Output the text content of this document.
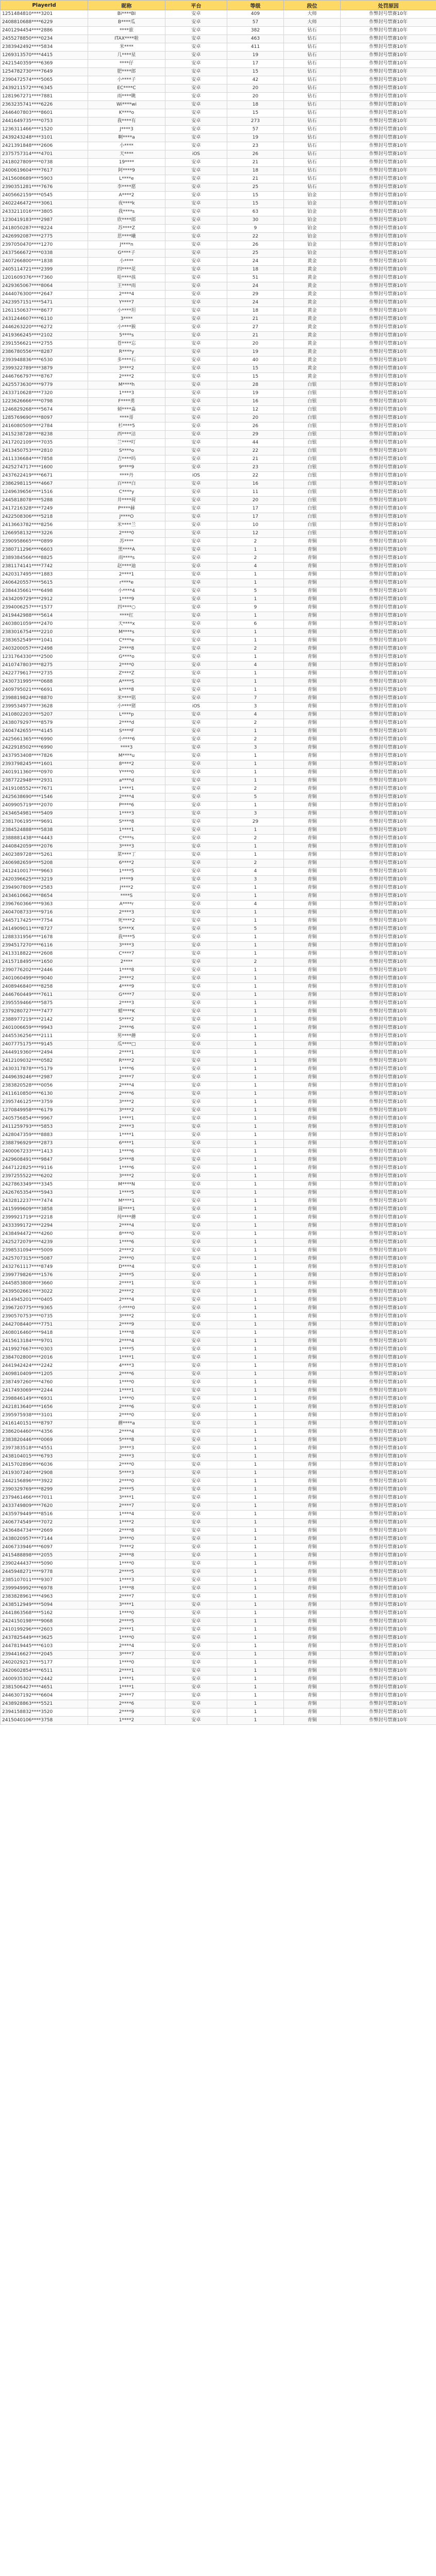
PlayerId	昵称	平台	等级	段位	处罚原因
1251484810****3201	Bi****BI	安卓	409	大师	作弊封号禁赛10年
2408810688****6229	B****瓜	安卓	57	大师	作弊封号禁赛10年
2401294454****2886	****旅	安卓	382	钻石	作弊封号禁赛10年
2455278850****0234	ITAX****啦	安卓	463	钻石	作弊封号禁赛10年
2383942492****5834	米****	安卓	411	钻石	作弊封号禁赛10年
1269313570****4415	几****星	安卓	19	钻石	作弊封号禁赛10年
2421540359****6369	****仔	安卓	17	钻石	作弊封号禁赛10年
1254782730****7649	肥****郎	安卓	15	钻石	作弊封号禁赛10年
2390472574****5065	小****子	安卓	42	钻石	作弊封号禁赛10年
2439211572****6345	EC****C	安卓	20	钻石	作弊封号禁赛10年
1281967271****7881	雨****眺	安卓	20	钻石	作弊封号禁赛10年
2363235741****6226	Wi****wi	安卓	18	钻石	作弊封号禁赛10年
2446407803****8601	K****o	安卓	15	钻石	作弊封号禁赛10年
2441649735****0753	我****有	安卓	273	钻石	作弊封号禁赛10年
1236311466****1520	J****3	安卓	57	钻石	作弊封号禁赛10年
2439243248****3101	啊****a	安卓	19	钻石	作弊封号禁赛10年
2421391848****2606	小****	安卓	23	钻石	作弊封号禁赛10年
2375757314****4701	天****	iOS	26	钻石	作弊封号禁赛10年
2418027809****0738	19****	安卓	21	钻石	作弊封号禁赛10年
2400619604****7617	阿****9	安卓	18	钻石	作弊封号禁赛10年
2415608689****5903	L****e	安卓	21	钻石	作弊封号禁赛10年
2390351281****7676	李****愿	安卓	25	钻石	作弊封号禁赛10年
2405662159****0545	A****2	安卓	15	铂金	作弊封号禁赛10年
2402246472****3061	夜****k	安卓	15	铂金	作弊封号禁赛10年
2433211016****3805	我****s	安卓	63	铂金	作弊封号禁赛10年
1230419183****2987	欣****郎	安卓	30	铂金	作弊封号禁赛10年
2418050287****8224	苏****Z	安卓	9	铂金	作弊封号禁赛10年
2426992087****2775	思****曦	安卓	22	铂金	作弊封号禁赛10年
2397050470****1270	J****n	安卓	26	铂金	作弊封号禁赛10年
2437566672****0338	G****子	安卓	25	铂金	作弊封号禁赛10年
2407266800****1838	小****	安卓	24	黄金	作弊封号禁赛10年
2405114721****2399	四****花	安卓	18	黄金	作弊封号禁赛10年
1201609376****7360	哈****孩	安卓	51	黄金	作弊封号禁赛10年
2429365067****8064	王****雨	安卓	24	黄金	作弊封号禁赛10年
2444076300****2647	2****4	安卓	29	黄金	作弊封号禁赛10年
2423957151****5471	Y****7	安卓	24	黄金	作弊封号禁赛10年
1261150637****8677	小****坦	安卓	18	黄金	作弊封号禁赛10年
2431244607****6110	3****	安卓	21	黄金	作弊封号禁赛10年
2446263220****6272	小****猴	安卓	27	黄金	作弊封号禁赛10年
2419366245****2102	5****s	安卓	21	黄金	作弊封号禁赛10年
2391556621****2755	苍****忘	安卓	20	黄金	作弊封号禁赛10年
2386780556****8287	R****y	安卓	19	黄金	作弊封号禁赛10年
2393948836****6530	多****石	安卓	40	黄金	作弊封号禁赛10年
2399322789****3879	3****2	安卓	15	黄金	作弊封号禁赛10年
2446766797****8767	2****2	安卓	15	黄金	作弊封号禁赛10年
2425573630****9779	M****h	安卓	28	白银	作弊封号禁赛10年
2433710628****7320	1****3	安卓	19	白银	作弊封号禁赛10年
1223626666****0798	F****勇	安卓	16	白银	作弊封号禁赛10年
1246829268****5674	倾****淼	安卓	12	白银	作弊封号禁赛10年
1285769690****8097	****哥	安卓	20	白银	作弊封号禁赛10年
2416080509****2784	杉****5	安卓	26	白银	作弊封号禁赛10年
2415238728****8238	西****洁	安卓	29	白银	作弊封号禁赛10年
2417202109****7035	兰****叮	安卓	44	白银	作弊封号禁赛10年
2413450753****2810	S****o	安卓	22	白银	作弊封号禁赛10年
2411336684****7858	吉****吗	安卓	21	白银	作弊封号禁赛10年
2425274717****1600	9****9	安卓	23	白银	作弊封号禁赛10年
2437622419****6671	****丹	iOS	22	白银	作弊封号禁赛10年
2386298115****4667	百****白	安卓	16	白银	作弊封号禁赛10年
1249639656****1516	C****y	安卓	11	白银	作弊封号禁赛10年
2445818078****5288	井****荷	安卓	20	白银	作弊封号禁赛10年
2417216328****7249	P****赫	安卓	17	白银	作弊封号禁赛10年
2422508306****5218	J****O	安卓	17	白银	作弊封号禁赛10年
2413663782****8256	米****兰	安卓	10	白银	作弊封号禁赛10年
1266958132****3226	2****0	安卓	12	白银	作弊封号禁赛10年
2390958665****0899	苏****	安卓	2	青铜	作弊封号禁赛10年
2380711296****6603	黑****A	安卓	1	青铜	作弊封号禁赛10年
2389384566****8825	雨****s	安卓	2	青铜	作弊封号禁赛10年
2381174141****7742	赵****迪	安卓	4	青铜	作弊封号禁赛10年
2420317495****1883	2****1	安卓	1	青铜	作弊封号禁赛10年
2406420557****5615	r****e	安卓	1	青铜	作弊封号禁赛10年
2384435661****6498	小****4	安卓	5	青铜	作弊封号禁赛10年
2434209729****2912	1****9	安卓	1	青铜	作弊封号禁赛10年
2394006257****1577	四****○	安卓	9	青铜	作弊封号禁赛10年
2419442988****5614	****红	安卓	1	青铜	作弊封号禁赛10年
2403801059****2470	天****x	安卓	6	青铜	作弊封号禁赛10年
2383016754****2210	M****s	安卓	1	青铜	作弊封号禁赛10年
2383652549****1041	C****e	安卓	1	青铜	作弊封号禁赛10年
2403200057****2498	2****8	安卓	2	青铜	作弊封号禁赛10年
1231764330****2500	G****o	安卓	1	青铜	作弊封号禁赛10年
2410747803****8275	2****0	安卓	4	青铜	作弊封号禁赛10年
2422779617****2735	Z****Z	安卓	1	青铜	作弊封号禁赛10年
2430731995****0688	A****S	安卓	1	青铜	作弊封号禁赛10年
2409795021****6691	k****8	安卓	1	青铜	作弊封号禁赛10年
2398819824****8870	米****铭	安卓	7	青铜	作弊封号禁赛10年
2399534977****3628	小****猪	iOS	3	青铜	作弊封号禁赛10年
2410802203****5207	L****p	安卓	4	青铜	作弊封号禁赛10年
2438079297****8579	2****d	安卓	2	青铜	作弊封号禁赛10年
2404742655****4145	S****F	安卓	1	青铜	作弊封号禁赛10年
2425661365****6990	小****6	安卓	2	青铜	作弊封号禁赛10年
2422918502****6990	****3	安卓	3	青铜	作弊封号禁赛10年
2437953408****7826	M****u	安卓	1	青铜	作弊封号禁赛10年
2393798245****1601	8****2	安卓	1	青铜	作弊封号禁赛10年
2401911360****0970	Y****0	安卓	1	青铜	作弊封号禁赛10年
2387722948****2931	a****d	安卓	1	青铜	作弊封号禁赛10年
2419108552****7671	1****1	安卓	2	青铜	作弊封号禁赛10年
2425638690****1546	2****4	安卓	5	青铜	作弊封号禁赛10年
2409905719****2070	P****6	安卓	1	青铜	作弊封号禁赛10年
2434654981****5409	1****3	安卓	3	青铜	作弊封号禁赛10年
2381706195****9691	S****8	安卓	29	青铜	作弊封号禁赛10年
2384524888****5838	1****1	安卓	1	青铜	作弊封号禁赛10年
2388881438****4443	C****s	安卓	2	青铜	作弊封号禁赛10年
2440842059****2076	3****3	安卓	1	青铜	作弊封号禁赛10年
2402389728****5261	菜****丁	安卓	1	青铜	作弊封号禁赛10年
2406982659****5208	6****2	安卓	2	青铜	作弊封号禁赛10年
2412410017****9663	1****5	安卓	4	青铜	作弊封号禁赛10年
2420396625****3219	I****9	安卓	3	青铜	作弊封号禁赛10年
2394907809****2583	J****2	安卓	1	青铜	作弊封号禁赛10年
2434610662****8654	****S	安卓	1	青铜	作弊封号禁赛10年
2396760366****9363	A****r	安卓	4	青铜	作弊封号禁赛10年
2404708733****9716	2****3	安卓	1	青铜	作弊封号禁赛10年
2445717425****7754	死****2	安卓	1	青铜	作弊封号禁赛10年
2414909011****8727	S****X	安卓	5	青铜	作弊封号禁赛10年
1288331956****1678	我****5	安卓	1	青铜	作弊封号禁赛10年
2394517270****6116	3****3	安卓	1	青铜	作弊封号禁赛10年
2413318822****2608	C****7	安卓	1	青铜	作弊封号禁赛10年
2415718495****1650	2****	安卓	2	青铜	作弊封号禁赛10年
2390776202****2446	1****8	安卓	1	青铜	作弊封号禁赛10年
2401060499****9040	2****2	安卓	1	青铜	作弊封号禁赛10年
2408946840****8258	4****9	安卓	1	青铜	作弊封号禁赛10年
2446760449****7611	G****7	安卓	1	青铜	作弊封号禁赛10年
2395559466****5875	2****3	安卓	1	青铜	作弊封号禁赛10年
2379280727****7477	蜡****K	安卓	1	青铜	作弊封号禁赛10年
2388977219****2142	S****2	安卓	1	青铜	作弊封号禁赛10年
2401006659****9943	2****6	安卓	1	青铜	作弊封号禁赛10年
2445536256****2111	男****蘑	安卓	1	青铜	作弊封号禁赛10年
2407775175****9145	瓜****□	安卓	1	青铜	作弊封号禁赛10年
2444919360****2494	2****1	安卓	1	青铜	作弊封号禁赛10年
2412109032****0582	R****2	安卓	1	青铜	作弊封号禁赛10年
2430317878****5179	1****6	安卓	1	青铜	作弊封号禁赛10年
2449639246****2987	2****7	安卓	1	青铜	作弊封号禁赛10年
2383820528****0056	2****4	安卓	1	青铜	作弊封号禁赛10年
2411610850****6130	2****6	安卓	1	青铜	作弊封号禁赛10年
2395746125****3759	3****2	安卓	1	青铜	作弊封号禁赛10年
1270849958****6179	3****2	安卓	1	青铜	作弊封号禁赛10年
2405756854****9967	1****1	安卓	1	青铜	作弊封号禁赛10年
2411259793****5853	2****3	安卓	1	青铜	作弊封号禁赛10年
2428047359****8883	1****1	安卓	1	青铜	作弊封号禁赛10年
2388796929****2873	6****1	安卓	1	青铜	作弊封号禁赛10年
2400067233****1413	1****6	安卓	1	青铜	作弊封号禁赛10年
2429608491****9847	S****8	安卓	1	青铜	作弊封号禁赛10年
2447122825****9116	1****6	安卓	1	青铜	作弊封号禁赛10年
2397255522****6202	3****2	安卓	1	青铜	作弊封号禁赛10年
2427863349****3345	M****N	安卓	1	青铜	作弊封号禁赛10年
2426765354****5943	1****5	安卓	1	青铜	作弊封号禁赛10年
2432812237****7474	M****1	安卓	1	青铜	作弊封号禁赛10年
2415999609****3858	圆****1	安卓	1	青铜	作弊封号禁赛10年
2399921719****2218	纯****蘑	安卓	1	青铜	作弊封号禁赛10年
2433399172****2294	2****4	安卓	1	青铜	作弊封号禁赛10年
2438494472****4260	8****0	安卓	1	青铜	作弊封号禁赛10年
2425272079****4239	1****6	安卓	1	青铜	作弊封号禁赛10年
2398531094****5009	2****2	安卓	1	青铜	作弊封号禁赛10年
2425707315****5087	2****0	安卓	1	青铜	作弊封号禁赛10年
2432761117****8749	D****4	安卓	1	青铜	作弊封号禁赛10年
2399779826****1576	2****5	安卓	1	青铜	作弊封号禁赛10年
2445853808****3660	2****1	安卓	1	青铜	作弊封号禁赛10年
2439502661****3022	2****2	安卓	1	青铜	作弊封号禁赛10年
2414945201****0405	2****4	安卓	1	青铜	作弊封号禁赛10年
2396720775****9365	小****0	安卓	1	青铜	作弊封号禁赛10年
2390570753****0735	3****2	安卓	1	青铜	作弊封号禁赛10年
2442708440****7751	2****9	安卓	1	青铜	作弊封号禁赛10年
2408016460****9418	1****8	安卓	1	青铜	作弊封号禁赛10年
2415613184****9701	2****4	安卓	1	青铜	作弊封号禁赛10年
2419927667****0303	1****5	安卓	1	青铜	作弊封号禁赛10年
2384702800****2016	1****1	安卓	1	青铜	作弊封号禁赛10年
2441942424****2242	4****3	安卓	1	青铜	作弊封号禁赛10年
2409810409****1205	2****6	安卓	1	青铜	作弊封号禁赛10年
2387497260****4760	1****0	安卓	1	青铜	作弊封号禁赛10年
2417493069****2244	1****1	安卓	1	青铜	作弊封号禁赛10年
2398846149****6931	1****0	安卓	1	青铜	作弊封号禁赛10年
2421813640****1656	2****6	安卓	1	青铜	作弊封号禁赛10年
2395975938****3101	2****0	安卓	1	青铜	作弊封号禁赛10年
2416140151****8797	蘑****a	安卓	1	青铜	作弊封号禁赛10年
2386204460****4356	2****4	安卓	1	青铜	作弊封号禁赛10年
2383820446****0069	5****8	安卓	1	青铜	作弊封号禁赛10年
2397383518****4551	3****3	安卓	1	青铜	作弊封号禁赛10年
2438104015****6793	2****3	安卓	1	青铜	作弊封号禁赛10年
2415702896****6036	2****0	安卓	1	青铜	作弊封号禁赛10年
2419307240****2908	5****3	安卓	1	青铜	作弊封号禁赛10年
2442156896****3922	2****0	安卓	1	青铜	作弊封号禁赛10年
2390329769****8299	2****5	安卓	1	青铜	作弊封号禁赛10年
2379461466****7011	3****1	安卓	1	青铜	作弊封号禁赛10年
2433749809****7620	2****7	安卓	1	青铜	作弊封号禁赛10年
2435979449****8516	1****4	安卓	1	青铜	作弊封号禁赛10年
2406774549****7072	1****2	安卓	1	青铜	作弊封号禁赛10年
2436484734****2669	2****8	安卓	1	青铜	作弊封号禁赛10年
2438020957****7144	3****0	安卓	1	青铜	作弊封号禁赛10年
2406733946****6097	7****2	安卓	1	青铜	作弊封号禁赛10年
2415488898****2055	2****8	安卓	1	青铜	作弊封号禁赛10年
2390244437****5090	1****0	安卓	1	青铜	作弊封号禁赛10年
2445948271****9778	2****5	安卓	1	青铜	作弊封号禁赛10年
2385107011****9307	1****3	安卓	1	青铜	作弊封号禁赛10年
2399949992****6978	1****8	安卓	1	青铜	作弊封号禁赛10年
2383828961****4963	2****7	安卓	1	青铜	作弊封号禁赛10年
2438512949****5094	3****1	安卓	1	青铜	作弊封号禁赛10年
2441863568****5162	1****0	安卓	1	青铜	作弊封号禁赛10年
2424150198****9068	2****5	安卓	1	青铜	作弊封号禁赛10年
2410199296****2603	2****1	安卓	1	青铜	作弊封号禁赛10年
2437825449****3625	1****0	安卓	1	青铜	作弊封号禁赛10年
2447819445****6103	2****4	安卓	1	青铜	作弊封号禁赛10年
2394416627****2045	3****7	安卓	1	青铜	作弊封号禁赛10年
2402029217****5177	1****0	安卓	1	青铜	作弊封号禁赛10年
2420602854****6511	2****1	安卓	1	青铜	作弊封号禁赛10年
2400935302****2442	1****1	安卓	1	青铜	作弊封号禁赛10年
2381506427****4651	1****1	安卓	1	青铜	作弊封号禁赛10年
2446307192****6604	2****7	安卓	1	青铜	作弊封号禁赛10年
2438928863****5521	2****6	安卓	1	青铜	作弊封号禁赛10年
2394158832****3520	2****9	安卓	1	青铜	作弊封号禁赛10年
2415040106****3758	1****2	安卓	1	青铜	作弊封号禁赛10年
